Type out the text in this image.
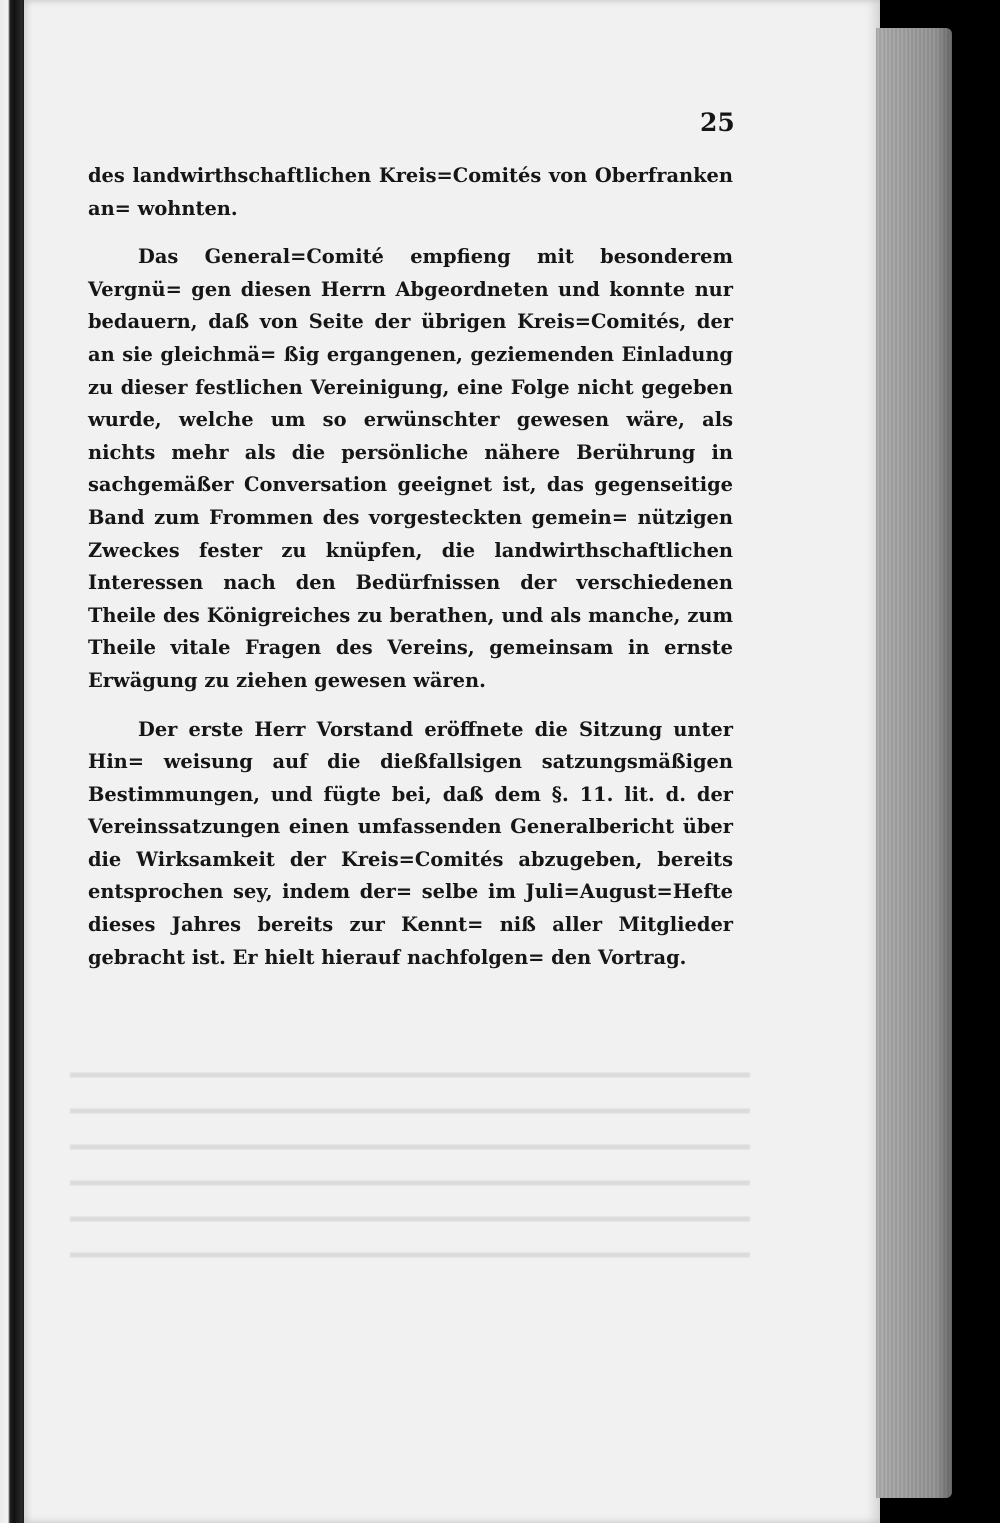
25

des landwirthschaftlichen Kreis=Comités von Oberfranken an= wohnten.

Das General=Comité empfieng mit besonderem Vergnü= gen diesen Herrn Abgeordneten und konnte nur bedauern, daß von Seite der übrigen Kreis=Comités, der an sie gleichmä= ßig ergangenen, geziemenden Einladung zu dieser festlichen Vereinigung, eine Folge nicht gegeben wurde, welche um so erwünschter gewesen wäre, als nichts mehr als die persönliche nähere Berührung in sachgemäßer Conversation geeignet ist, das gegenseitige Band zum Frommen des vorgesteckten gemein= nützigen Zweckes fester zu knüpfen, die landwirthschaftlichen Interessen nach den Bedürfnissen der verschiedenen Theile des Königreiches zu berathen, und als manche, zum Theile vitale Fragen des Vereins, gemeinsam in ernste Erwägung zu ziehen gewesen wären.

Der erste Herr Vorstand eröffnete die Sitzung unter Hin= weisung auf die dießfallsigen satzungsmäßigen Bestimmungen, und fügte bei, daß dem §. 11. lit. d. der Vereinssatzungen einen umfassenden Generalbericht über die Wirksamkeit der Kreis=Comités abzugeben, bereits entsprochen sey, indem der= selbe im Juli=August=Hefte dieses Jahres bereits zur Kennt= niß aller Mitglieder gebracht ist. Er hielt hierauf nachfolgen= den Vortrag.
